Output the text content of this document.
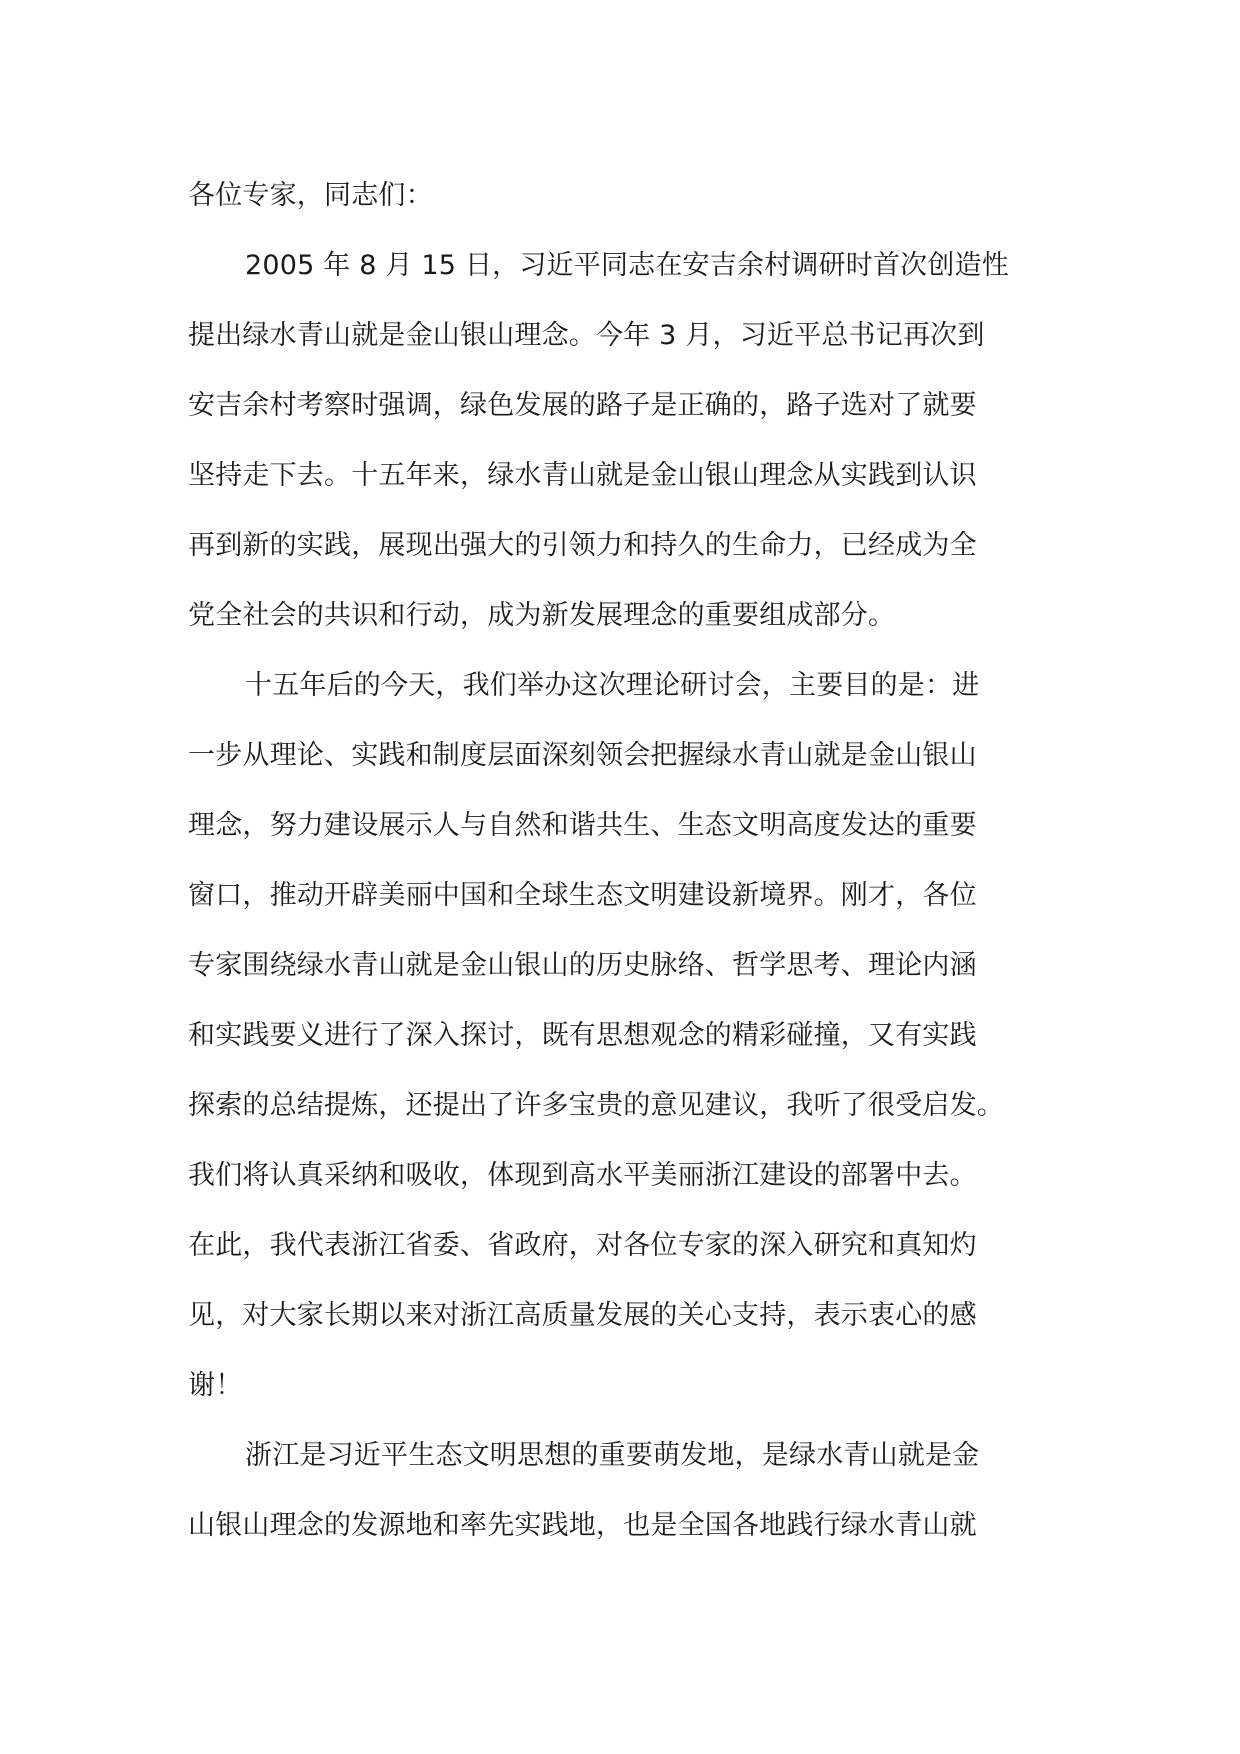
各位专家，同志们：
2005 年 8 月 15 日，习近平同志在安吉余村调研时首次创造性
提出绿水青山就是金山银山理念。今年 3 月，习近平总书记再次到
安吉余村考察时强调，绿色发展的路子是正确的，路子选对了就要
坚持走下去。十五年来，绿水青山就是金山银山理念从实践到认识
再到新的实践，展现出强大的引领力和持久的生命力，已经成为全
党全社会的共识和行动，成为新发展理念的重要组成部分。
十五年后的今天，我们举办这次理论研讨会，主要目的是：进
一步从理论、实践和制度层面深刻领会把握绿水青山就是金山银山
理念，努力建设展示人与自然和谐共生、生态文明高度发达的重要
窗口，推动开辟美丽中国和全球生态文明建设新境界。刚才，各位
专家围绕绿水青山就是金山银山的历史脉络、哲学思考、理论内涵
和实践要义进行了深入探讨，既有思想观念的精彩碰撞，又有实践
探索的总结提炼，还提出了许多宝贵的意见建议，我听了很受启发。
我们将认真采纳和吸收，体现到高水平美丽浙江建设的部署中去。
在此，我代表浙江省委、省政府，对各位专家的深入研究和真知灼
见，对大家长期以来对浙江高质量发展的关心支持，表示衷心的感
谢！
浙江是习近平生态文明思想的重要萌发地，是绿水青山就是金
山银山理念的发源地和率先实践地，也是全国各地践行绿水青山就
